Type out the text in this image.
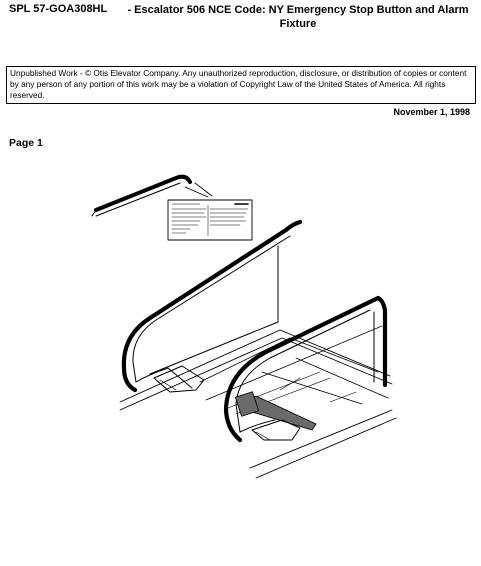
SPL 57-GOA308HL	- Escalator 506 NCE Code: NY Emergency Stop Button and Alarm Fixture
Unpublished Work - © Otis Elevator Company. Any unauthorized reproduction, disclosure, or distribution of copies or content by any person of any portion of this work may be a violation of Copyright Law of the United States of America. All rights reserved.
November 1, 1998
Page 1
